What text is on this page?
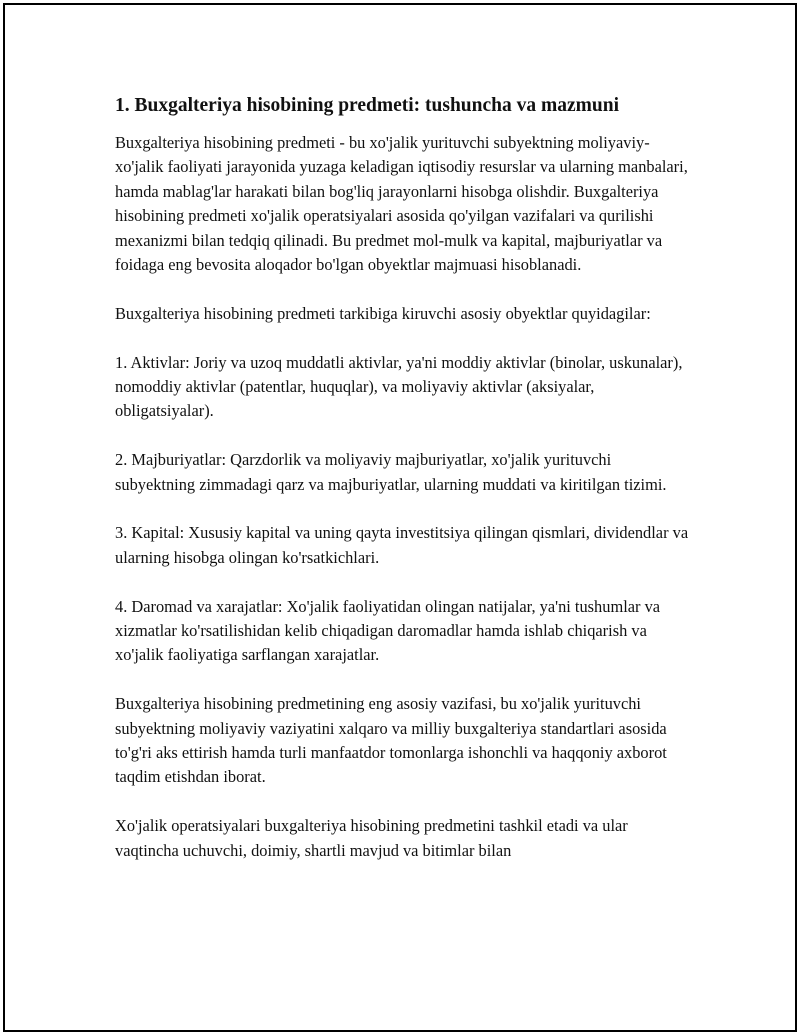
1. Buxgalteriya hisobining predmeti: tushuncha va mazmuni

Buxgalteriya hisobining predmeti - bu xo'jalik yurituvchi subyektning moliyaviy-xo'jalik faoliyati jarayonida yuzaga keladigan iqtisodiy resurslar va ularning manbalari, hamda mablag'lar harakati bilan bog'liq jarayonlarni hisobga olishdir. Buxgalteriya hisobining predmeti xo'jalik operatsiyalari asosida qo'yilgan vazifalari va qurilishi mexanizmi bilan tedqiq qilinadi. Bu predmet mol-mulk va kapital, majburiyatlar va foidaga eng bevosita aloqador bo'lgan obyektlar majmuasi hisoblanadi.

Buxgalteriya hisobining predmeti tarkibiga kiruvchi asosiy obyektlar quyidagilar:

1. Aktivlar: Joriy va uzoq muddatli aktivlar, ya'ni moddiy aktivlar (binolar, uskunalar), nomoddiy aktivlar (patentlar, huquqlar), va moliyaviy aktivlar (aksiyalar, obligatsiyalar).

2. Majburiyatlar: Qarzdorlik va moliyaviy majburiyatlar, xo'jalik yurituvchi subyektning zimmadagi qarz va majburiyatlar, ularning muddati va kiritilgan tizimi.

3. Kapital: Xususiy kapital va uning qayta investitsiya qilingan qismlari, dividendlar va ularning hisobga olingan ko'rsatkichlari.

4. Daromad va xarajatlar: Xo'jalik faoliyatidan olingan natijalar, ya'ni tushumlar va xizmatlar ko'rsatilishidan kelib chiqadigan daromadlar hamda ishlab chiqarish va xo'jalik faoliyatiga sarflangan xarajatlar.

Buxgalteriya hisobining predmetining eng asosiy vazifasi, bu xo'jalik yurituvchi subyektning moliyaviy vaziyatini xalqaro va milliy buxgalteriya standartlari asosida to'g'ri aks ettirish hamda turli manfaatdor tomonlarga ishonchli va haqqoniy axborot taqdim etishdan iborat.

Xo'jalik operatsiyalari buxgalteriya hisobining predmetini tashkil etadi va ular vaqtincha uchuvchi, doimiy, shartli mavjud va bitimlar bilan
